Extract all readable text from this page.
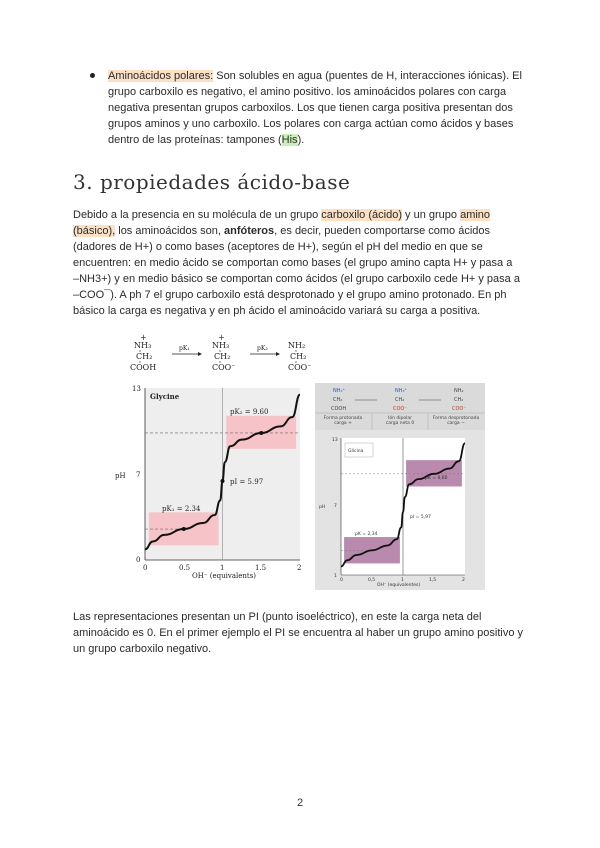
Aminoácidos polares: Son solubles en agua (puentes de H, interacciones iónicas). El
grupo carboxilo es negativo, el amino positivo. los aminoácidos polares con carga
negativa presentan grupos carboxilos. Los que tienen carga positiva presentan dos
grupos aminos y uno carboxilo. Los polares con carga actúan como ácidos y bases
dentro de las proteínas: tampones (His).
3. propiedades ácido-base
Debido a la presencia en su molécula de un grupo carboxilo (ácido) y un grupo amino
(básico), los aminoácidos son, anfóteros, es decir, pueden comportarse como ácidos
(dadores de H+) o como bases (aceptores de H+), según el pH del medio en que se
encuentren: en medio ácido se comportan como bases (el grupo amino capta H+ y pasa a
–NH3+) y en medio básico se comportan como ácidos (el grupo carboxilo cede H+ y pasa a
–COO¯). A ph 7 el grupo carboxilo está desprotonado y el grupo amino protonado. En ph
básico la carga es negativa y en ph ácido el aminoácido variará su carga a positiva.
+
NH₃
CH₂
COOH
pK₁
+
NH₃
CH₂
COO⁻
pK₂	NH₂
CH₂
COO⁻
Glycine
pK₂ = 9.60
pI = 5.97
pK₁ = 2.34
pH
OH⁻ (equivalents)
0
7
13
0	0.5	1	1.5	2
NH₃⁺	NH₃⁺	NH₂
CH₂	CH₂	CH₂
COOH	COO⁻	COO⁻
Forma protonada carga +
Ión dipolar carga neta 0
Forma desprotonada carga −
Glicina
pK = 9,60
pI = 5,97
pK = 2,34
pH
OH⁻ (equivalentes)
1
7
13
0	0,5	1	1,5	2
Las representaciones presentan un PI (punto isoeléctrico), en este la carga neta del
aminoácido es 0. En el primer ejemplo el PI se encuentra al haber un grupo amino positivo y
un grupo carboxilo negativo.
2
